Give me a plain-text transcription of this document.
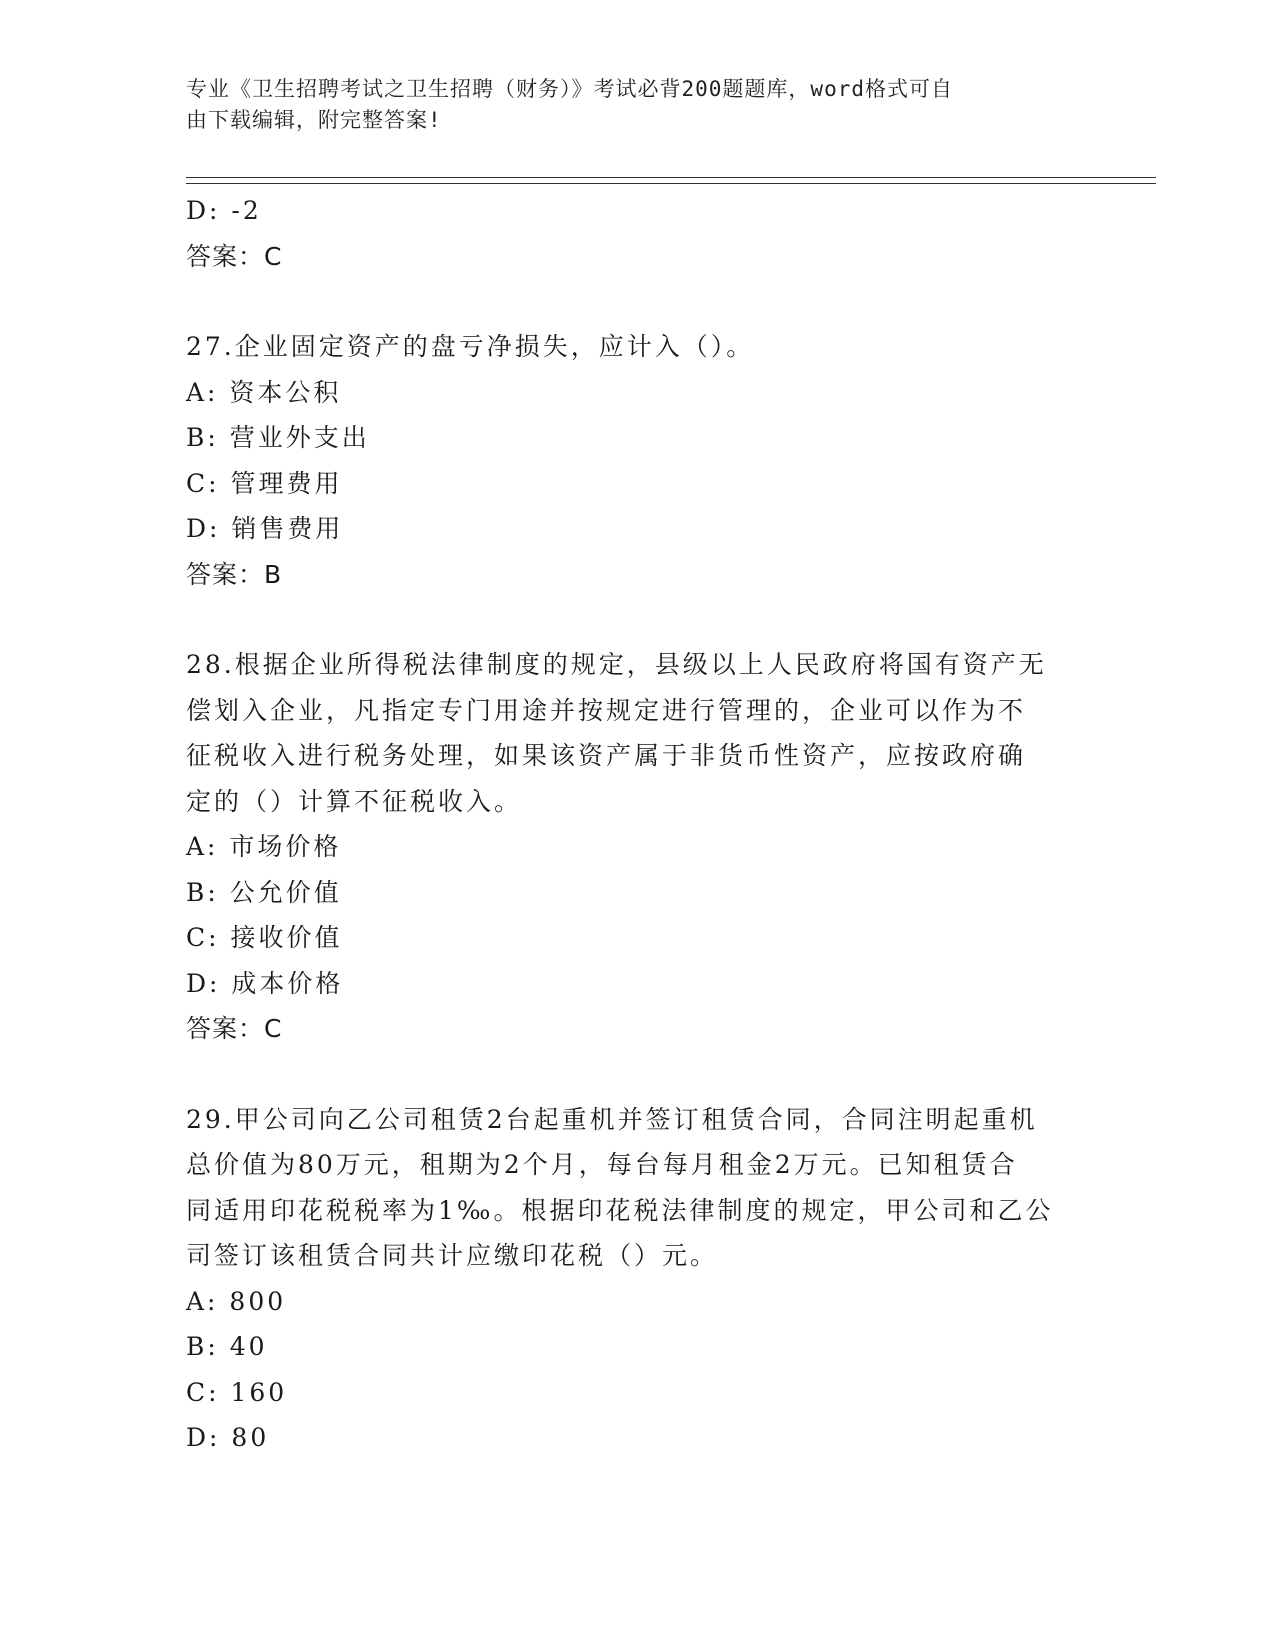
专业《卫生招聘考试之卫生招聘（财务）》考试必背200题题库，word格式可自
由下载编辑，附完整答案!
D: -2
答案：C
27.企业固定资产的盘亏净损失，应计入（）。
A: 资本公积
B: 营业外支出
C: 管理费用
D: 销售费用
答案：B
28.根据企业所得税法律制度的规定，县级以上人民政府将国有资产无
偿划入企业，凡指定专门用途并按规定进行管理的，企业可以作为不
征税收入进行税务处理，如果该资产属于非货币性资产，应按政府确
定的（）计算不征税收入。
A: 市场价格
B: 公允价值
C: 接收价值
D: 成本价格
答案：C
29.甲公司向乙公司租赁2台起重机并签订租赁合同，合同注明起重机
总价值为80万元，租期为2个月，每台每月租金2万元。已知租赁合
同适用印花税税率为1‰。根据印花税法律制度的规定，甲公司和乙公
司签订该租赁合同共计应缴印花税（）元。
A: 800
B: 40
C: 160
D: 80
